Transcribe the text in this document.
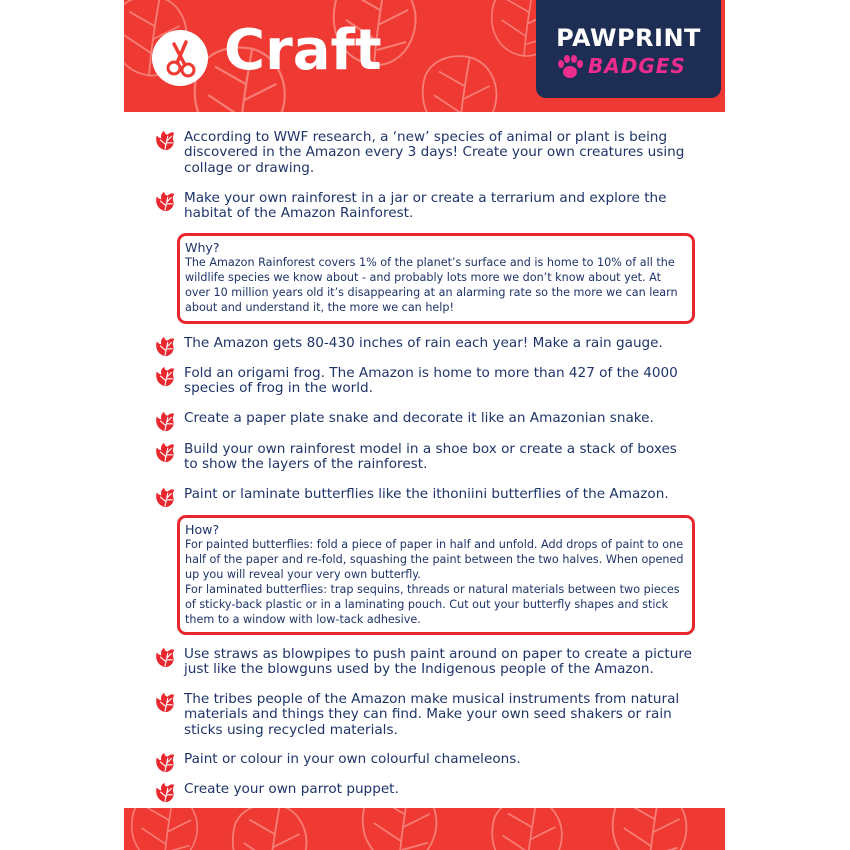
Craft	PAWPRINT
BADGES
According to WWF research, a ‘new’ species of animal or plant is being discovered in the Amazon every 3 days! Create your own creatures using collage or drawing.
Make your own rainforest in a jar or create a terrarium and explore the habitat of the Amazon Rainforest.
Why?
The Amazon Rainforest covers 1% of the planet’s surface and is home to 10% of all the wildlife species we know about - and probably lots more we don’t know about yet. At over 10 million years old it’s disappearing at an alarming rate so the more we can learn about and understand it, the more we can help!
The Amazon gets 80-430 inches of rain each year! Make a rain gauge.
Fold an origami frog. The Amazon is home to more than 427 of the 4000 species of frog in the world.
Create a paper plate snake and decorate it like an Amazonian snake.
Build your own rainforest model in a shoe box or create a stack of boxes to show the layers of the rainforest.
Paint or laminate butterflies like the ithoniini butterflies of the Amazon.
How?
For painted butterflies: fold a piece of paper in half and unfold. Add drops of paint to one half of the paper and re-fold, squashing the paint between the two halves. When opened up you will reveal your very own butterfly.
For laminated butterflies: trap sequins, threads or natural materials between two pieces of sticky-back plastic or in a laminating pouch. Cut out your butterfly shapes and stick them to a window with low-tack adhesive.
Use straws as blowpipes to push paint around on paper to create a picture just like the blowguns used by the Indigenous people of the Amazon.
The tribes people of the Amazon make musical instruments from natural materials and things they can find. Make your own seed shakers or rain sticks using recycled materials.
Paint or colour in your own colourful chameleons.
Create your own parrot puppet.
